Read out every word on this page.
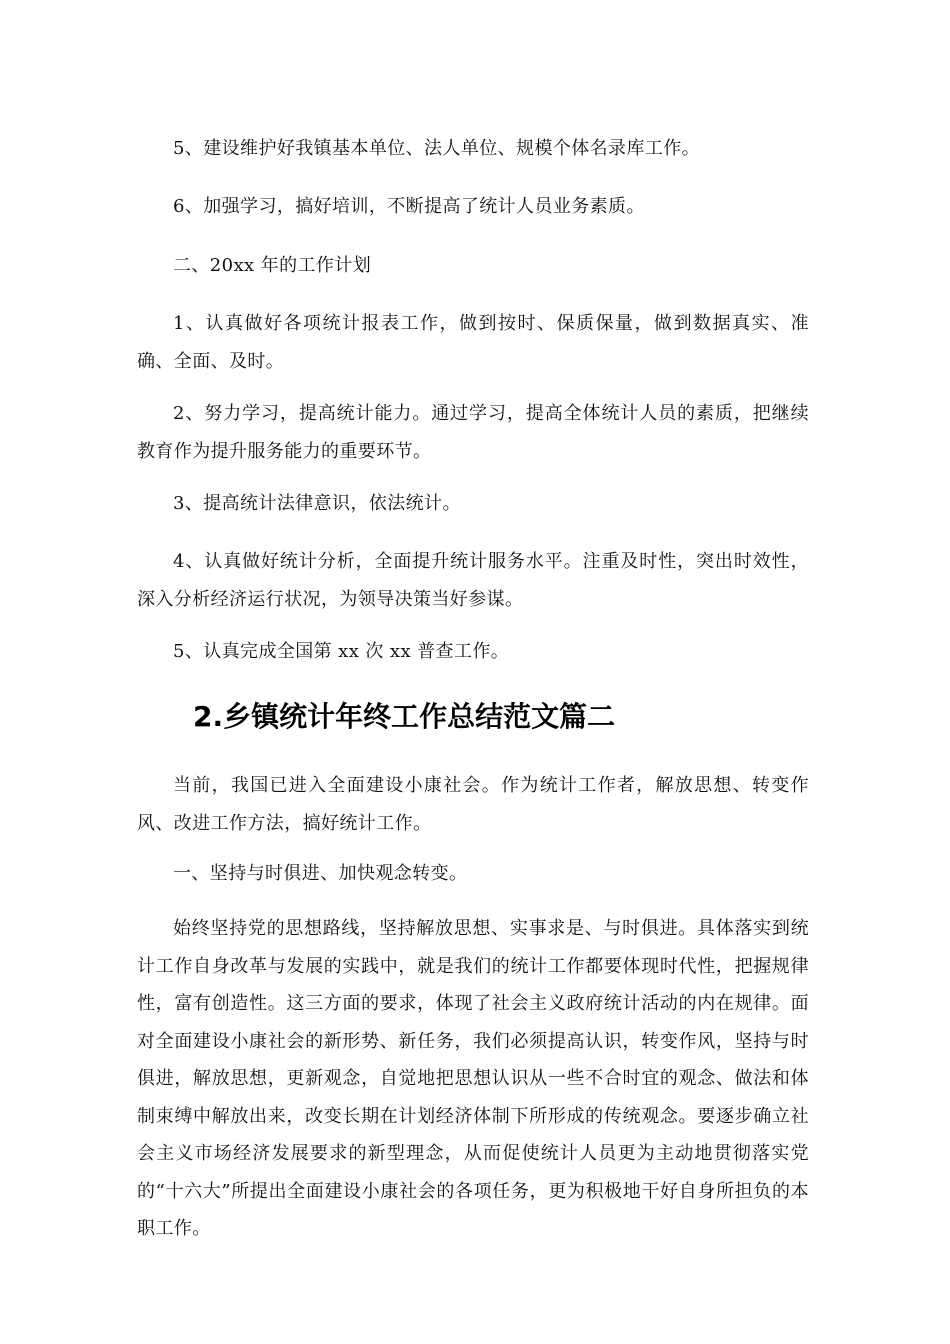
5、建设维护好我镇基本单位、法人单位、规模个体名录库工作。

6、加强学习，搞好培训，不断提高了统计人员业务素质。

二、20xx 年的工作计划

1、认真做好各项统计报表工作，做到按时、保质保量，做到数据真实、准确、全面、及时。

2、努力学习，提高统计能力。通过学习，提高全体统计人员的素质，把继续教育作为提升服务能力的重要环节。

3、提高统计法律意识，依法统计。

4、认真做好统计分析，全面提升统计服务水平。注重及时性，突出时效性，深入分析经济运行状况，为领导决策当好参谋。

5、认真完成全国第 xx 次 xx 普查工作。

2.乡镇统计年终工作总结范文篇二

当前，我国已进入全面建设小康社会。作为统计工作者，解放思想、转变作风、改进工作方法，搞好统计工作。

一、坚持与时俱进、加快观念转变。

始终坚持党的思想路线，坚持解放思想、实事求是、与时俱进。具体落实到统计工作自身改革与发展的实践中，就是我们的统计工作都要体现时代性，把握规律性，富有创造性。这三方面的要求，体现了社会主义政府统计活动的内在规律。面对全面建设小康社会的新形势、新任务，我们必须提高认识，转变作风，坚持与时俱进，解放思想，更新观念，自觉地把思想认识从一些不合时宜的观念、做法和体制束缚中解放出来，改变长期在计划经济体制下所形成的传统观念。要逐步确立社会主义市场经济发展要求的新型理念，从而促使统计人员更为主动地贯彻落实党的“十六大”所提出全面建设小康社会的各项任务，更为积极地干好自身所担负的本职工作。
